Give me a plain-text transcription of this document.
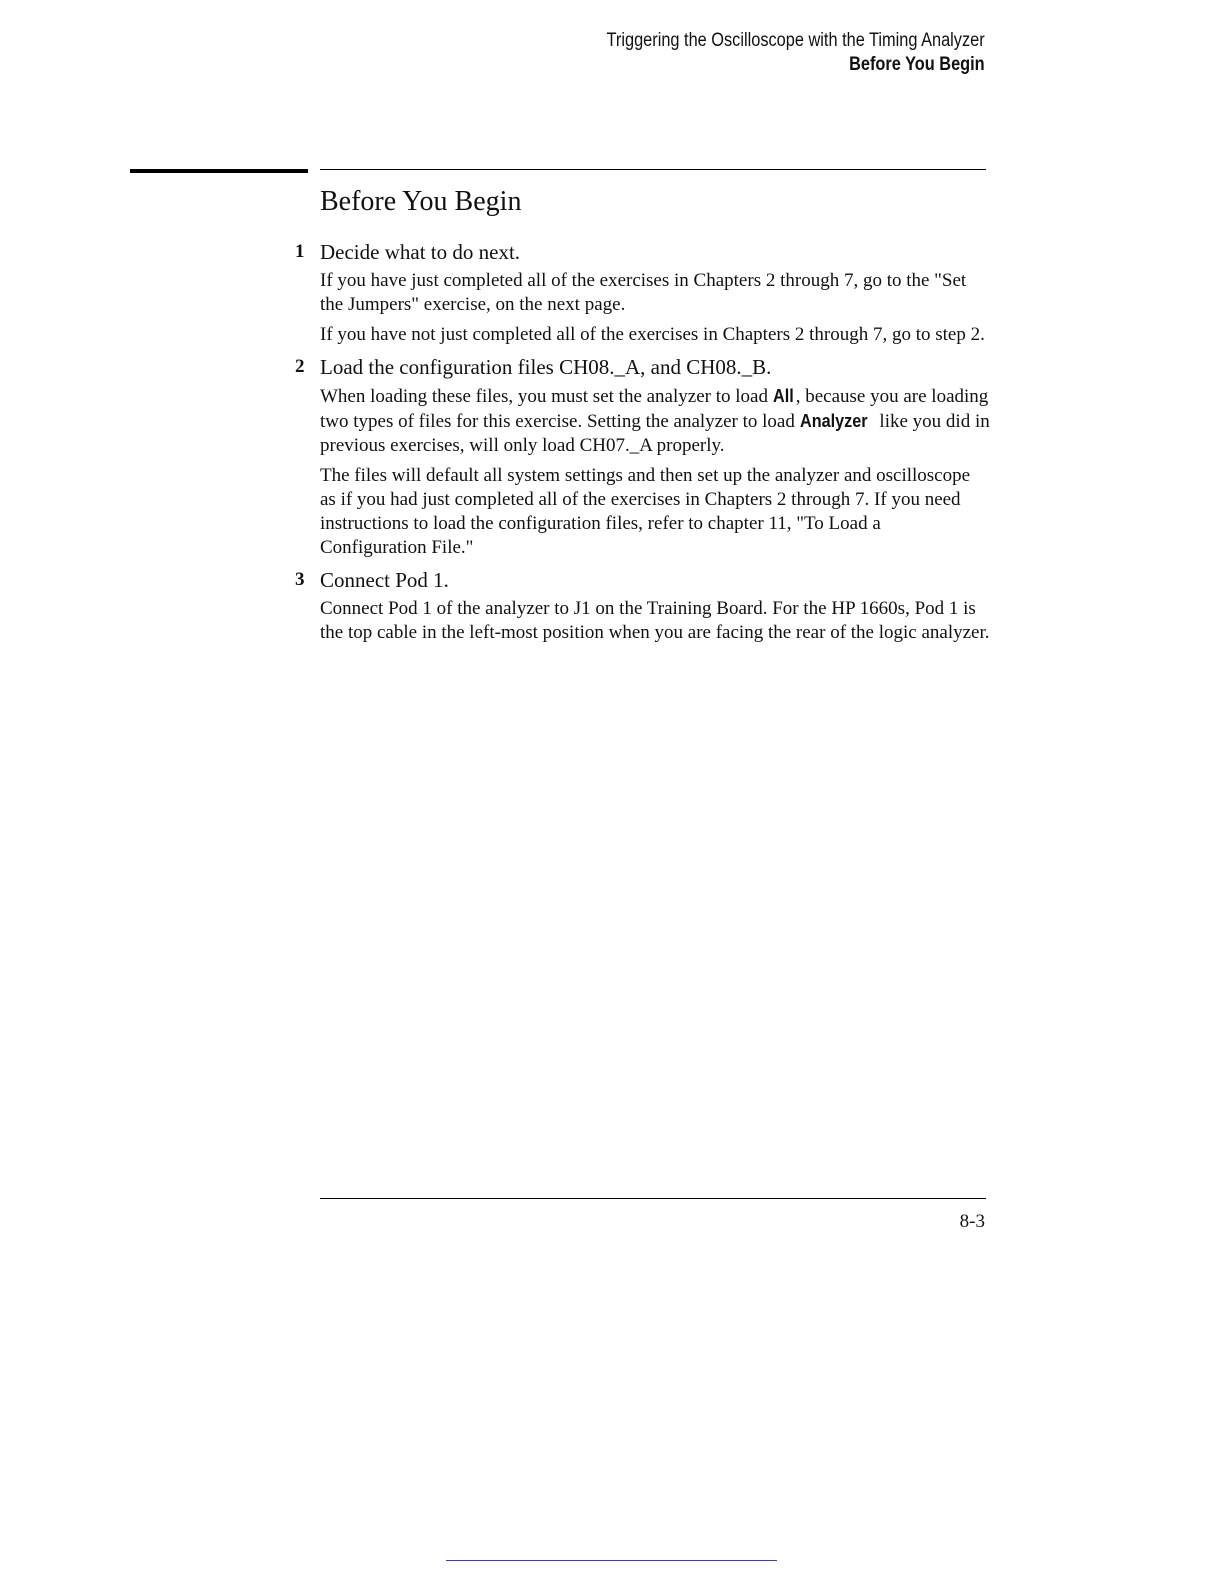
Triggering the Oscilloscope with the Timing Analyzer
Before You Begin
Before You Begin
1 Decide what to do next.

If you have just completed all of the exercises in Chapters 2 through 7, go to the "Set the Jumpers" exercise, on the next page.

If you have not just completed all of the exercises in Chapters 2 through 7, go to step 2.

2 Load the configuration files CH08._A, and CH08._B.

When loading these files, you must set the analyzer to load All , because you are loading two types of files for this exercise. Setting the analyzer to load Analyzer like you did in previous exercises, will only load CH07._A properly.

The files will default all system settings and then set up the analyzer and oscilloscope as if you had just completed all of the exercises in Chapters 2 through 7. If you need instructions to load the configuration files, refer to chapter 11, "To Load a Configuration File."

3 Connect Pod 1.

Connect Pod 1 of the analyzer to J1 on the Training Board. For the HP 1660s, Pod 1 is the top cable in the left-most position when you are facing the rear of the logic analyzer.

8-3
